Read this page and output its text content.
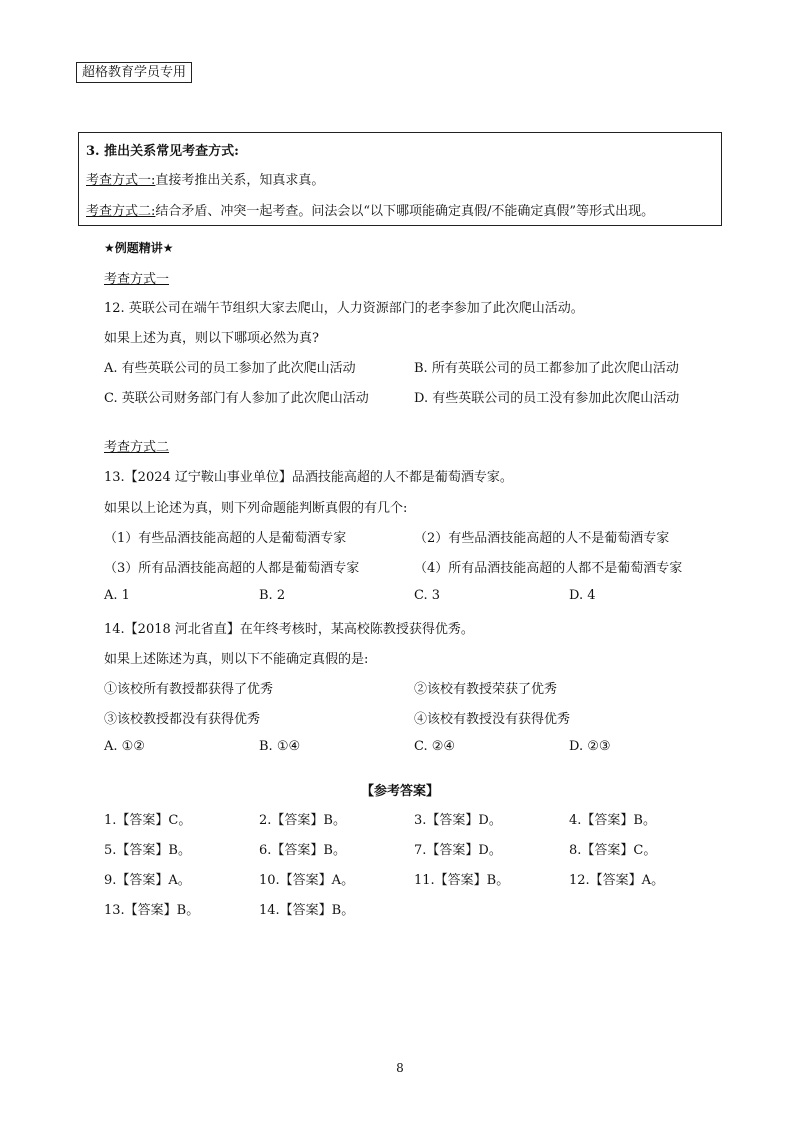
超格教育学员专用
3. 推出关系常见考查方式:
考查方式一:直接考推出关系，知真求真。
考查方式二:结合矛盾、冲突一起考查。问法会以“以下哪项能确定真假/不能确定真假”等形式出现。
★例题精讲★
考查方式一
12. 英联公司在端午节组织大家去爬山，人力资源部门的老李参加了此次爬山活动。
如果上述为真，则以下哪项必然为真?
A. 有些英联公司的员工参加了此次爬山活动	B. 所有英联公司的员工都参加了此次爬山活动
C. 英联公司财务部门有人参加了此次爬山活动	D. 有些英联公司的员工没有参加此次爬山活动
考查方式二
13.【2024 辽宁鞍山事业单位】品酒技能高超的人不都是葡萄酒专家。
如果以上论述为真，则下列命题能判断真假的有几个:
（1）有些品酒技能高超的人是葡萄酒专家	（2）有些品酒技能高超的人不是葡萄酒专家
（3）所有品酒技能高超的人都是葡萄酒专家	（4）所有品酒技能高超的人都不是葡萄酒专家
A. 1	B. 2	C. 3	D. 4
14.【2018 河北省直】在年终考核时，某高校陈教授获得优秀。
如果上述陈述为真，则以下不能确定真假的是:
①该校所有教授都获得了优秀	②该校有教授荣获了优秀
③该校教授都没有获得优秀	④该校有教授没有获得优秀
A. ①②	B. ①④	C. ②④	D. ②③
【参考答案】
1.【答案】C。	2.【答案】B。	3.【答案】D。	4.【答案】B。
5.【答案】B。	6.【答案】B。	7.【答案】D。	8.【答案】C。
9.【答案】A。	10.【答案】A。	11.【答案】B。	12.【答案】A。
13.【答案】B。	14.【答案】B。
8
